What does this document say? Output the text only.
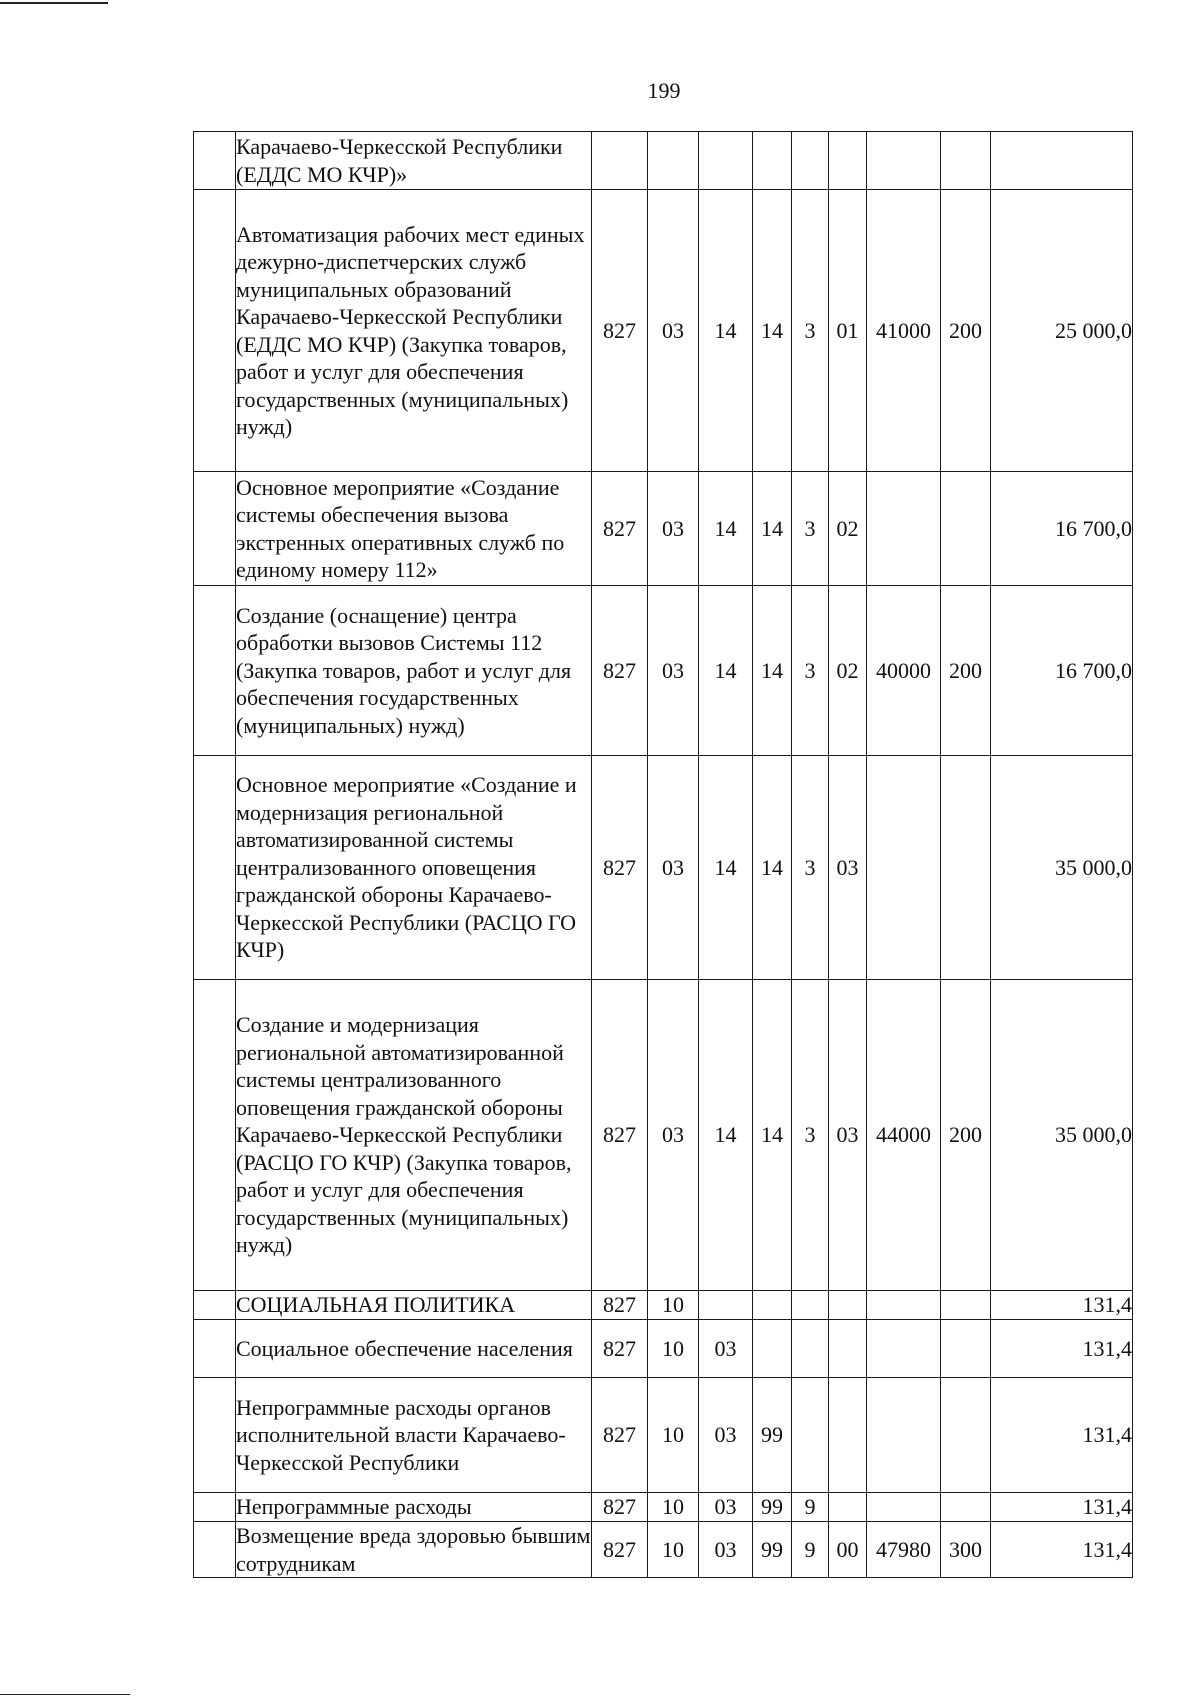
199
	Карачаево-Черкесской Республики (ЕДДС МО КЧР)»									
	Автоматизация рабочих мест единых дежурно-диспетчерских служб муниципальных образований Карачаево-Черкесской Республики (ЕДДС МО КЧР) (Закупка товаров, работ и услуг для обеспечения государственных (муниципальных) нужд)	827	03	14	14	3	01	41000	200	25 000,0
	Основное мероприятие «Создание системы обеспечения вызова экстренных оперативных служб по единому номеру 112»	827	03	14	14	3	02			16 700,0
	Создание (оснащение) центра обработки вызовов Системы 112 (Закупка товаров, работ и услуг для обеспечения государственных (муниципальных) нужд)	827	03	14	14	3	02	40000	200	16 700,0
	Основное мероприятие «Создание и модернизация региональной автоматизированной системы централизованного оповещения гражданской обороны Карачаево-Черкесской Республики (РАСЦО ГО КЧР)	827	03	14	14	3	03			35 000,0
	Создание и модернизация региональной автоматизированной системы централизованного оповещения гражданской обороны Карачаево-Черкесской Республики (РАСЦО ГО КЧР) (Закупка товаров, работ и услуг для обеспечения государственных (муниципальных) нужд)	827	03	14	14	3	03	44000	200	35 000,0
	СОЦИАЛЬНАЯ ПОЛИТИКА	827	10							131,4
	Социальное обеспечение населения	827	10	03						131,4
	Непрограммные расходы органов исполнительной власти Карачаево-Черкесской Республики	827	10	03	99					131,4
	Непрограммные расходы	827	10	03	99	9				131,4
	Возмещение вреда здоровью бывшим сотрудникам	827	10	03	99	9	00	47980	300	131,4
